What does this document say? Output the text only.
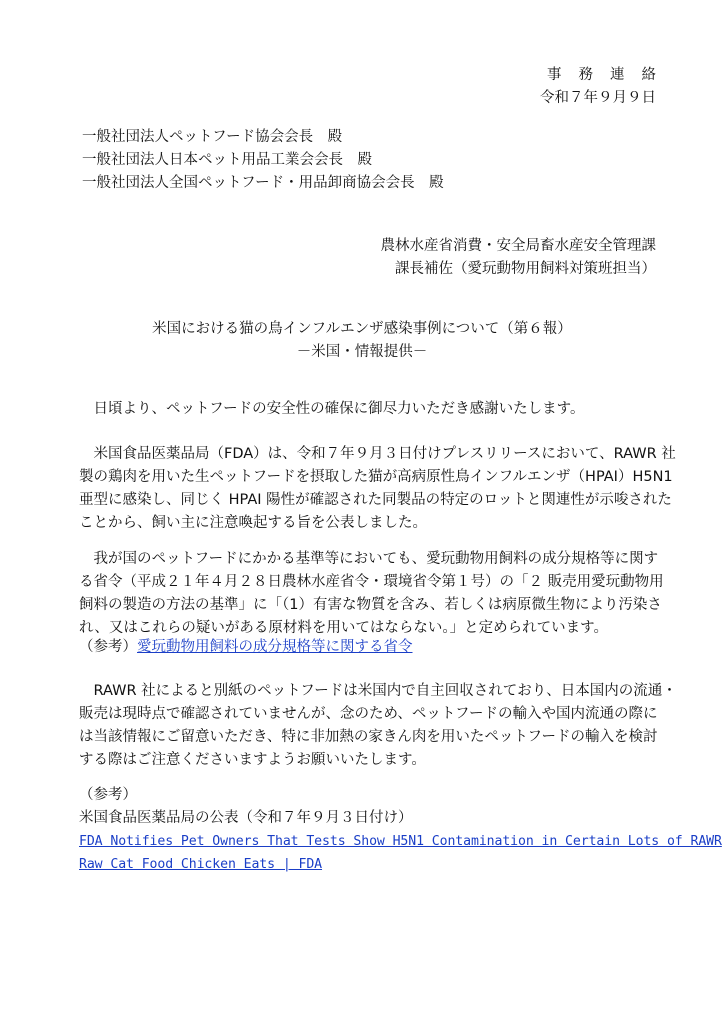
事務連絡
令和７年９月９日
一般社団法人ペットフード協会会長　殿
一般社団法人日本ペット用品工業会会長　殿
一般社団法人全国ペットフード・用品卸商協会会長　殿
農林水産省消費・安全局畜水産安全管理課
課長補佐（愛玩動物用飼料対策班担当）
米国における猫の鳥インフルエンザ感染事例について（第６報）
－米国・情報提供－
　日頃より、ペットフードの安全性の確保に御尽力いただき感謝いたします。
　米国食品医薬品局（FDA）は、令和７年９月３日付けプレスリリースにおいて、RAWR 社
製の鶏肉を用いた生ペットフードを摂取した猫が高病原性鳥インフルエンザ（HPAI）H5N1
亜型に感染し、同じく HPAI 陽性が確認された同製品の特定のロットと関連性が示唆された
ことから、飼い主に注意喚起する旨を公表しました。
　我が国のペットフードにかかる基準等においても、愛玩動物用飼料の成分規格等に関す
る省令（平成２１年４月２８日農林水産省令・環境省令第１号）の「２ 販売用愛玩動物用
飼料の製造の方法の基準」に「（1）有害な物質を含み、若しくは病原微生物により汚染さ
れ、又はこれらの疑いがある原材料を用いてはならない。」と定められています。
（参考）愛玩動物用飼料の成分規格等に関する省令
　RAWR 社によると別紙のペットフードは米国内で自主回収されており、日本国内の流通・
販売は現時点で確認されていませんが、念のため、ペットフードの輸入や国内流通の際に
は当該情報にご留意いただき、特に非加熱の家きん肉を用いたペットフードの輸入を検討
する際はご注意くださいますようお願いいたします。
（参考）
米国食品医薬品局の公表（令和７年９月３日付け）
FDA Notifies Pet Owners That Tests Show H5N1 Contamination in Certain Lots of RAWR
Raw Cat Food Chicken Eats | FDA
